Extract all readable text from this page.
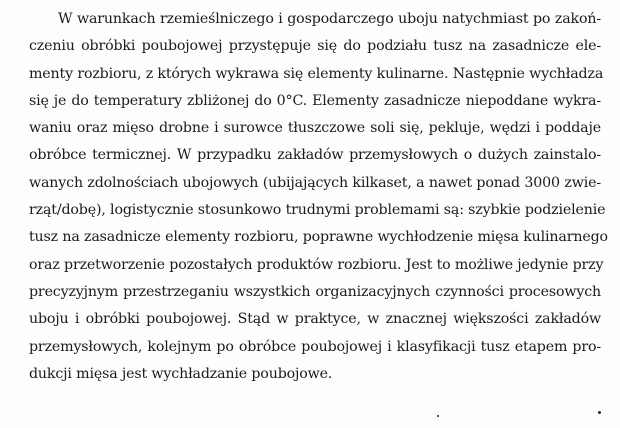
W warunkach rzemieślniczego i gospodarczego uboju natychmiast po zakoń-
czeniu obróbki poubojowej przystępuje się do podziału tusz na zasadnicze ele-
menty rozbioru, z których wykrawa się elementy kulinarne. Następnie wychładza
się je do temperatury zbliżonej do 0°C. Elementy zasadnicze niepoddane wykra-
waniu oraz mięso drobne i surowce tłuszczowe soli się, pekluje, wędzi i poddaje
obróbce termicznej. W przypadku zakładów przemysłowych o dużych zainstalo-
wanych zdolnościach ubojowych (ubijających kilkaset, a nawet ponad 3000 zwie-
rząt/dobę), logistycznie stosunkowo trudnymi problemami są: szybkie podzielenie
tusz na zasadnicze elementy rozbioru, poprawne wychłodzenie mięsa kulinarnego
oraz przetworzenie pozostałych produktów rozbioru. Jest to możliwe jedynie przy
precyzyjnym przestrzeganiu wszystkich organizacyjnych czynności procesowych
uboju i obróbki poubojowej. Stąd w praktyce, w znacznej większości zakładów
przemysłowych, kolejnym po obróbce poubojowej i klasyfikacji tusz etapem pro-
dukcji mięsa jest wychładzanie poubojowe.
